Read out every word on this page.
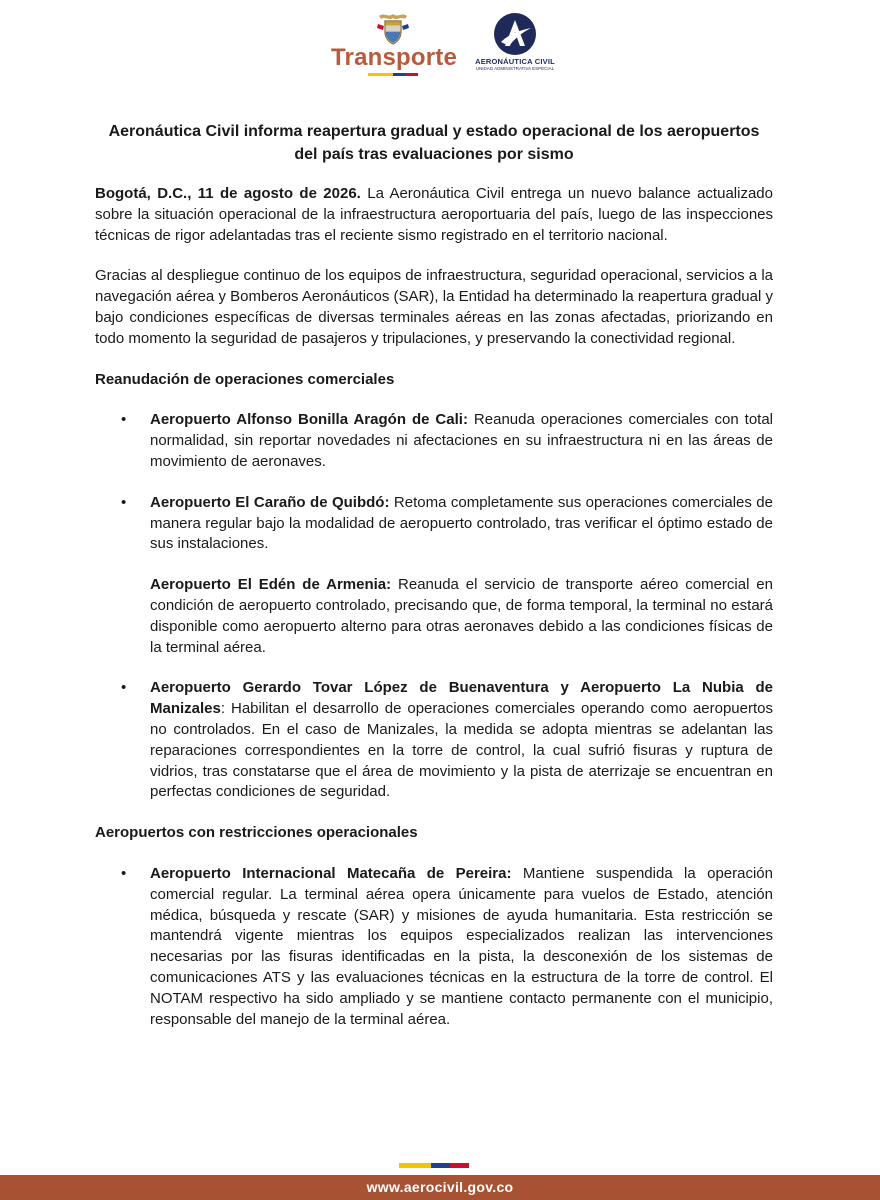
Transporte	AERONÁUTICA CIVIL
UNIDAD ADMINISTRATIVA ESPECIAL
Aeronáutica Civil informa reapertura gradual y estado operacional de los aeropuertos del país tras evaluaciones por sismo

Bogotá, D.C., 11 de agosto de 2026. La Aeronáutica Civil entrega un nuevo balance actualizado sobre la situación operacional de la infraestructura aeroportuaria del país, luego de las inspecciones técnicas de rigor adelantadas tras el reciente sismo registrado en el territorio nacional.

Gracias al despliegue continuo de los equipos de infraestructura, seguridad operacional, servicios a la navegación aérea y Bomberos Aeronáuticos (SAR), la Entidad ha determinado la reapertura gradual y bajo condiciones específicas de diversas terminales aéreas en las zonas afectadas, priorizando en todo momento la seguridad de pasajeros y tripulaciones, y preservando la conectividad regional.

Reanudación de operaciones comerciales
• Aeropuerto Alfonso Bonilla Aragón de Cali: Reanuda operaciones comerciales con total normalidad, sin reportar novedades ni afectaciones en su infraestructura ni en las áreas de movimiento de aeronaves.
• Aeropuerto El Caraño de Quibdó: Retoma completamente sus operaciones comerciales de manera regular bajo la modalidad de aeropuerto controlado, tras verificar el óptimo estado de sus instalaciones.
Aeropuerto El Edén de Armenia: Reanuda el servicio de transporte aéreo comercial en condición de aeropuerto controlado, precisando que, de forma temporal, la terminal no estará disponible como aeropuerto alterno para otras aeronaves debido a las condiciones físicas de la terminal aérea.
• Aeropuerto Gerardo Tovar López de Buenaventura y Aeropuerto La Nubia de Manizales: Habilitan el desarrollo de operaciones comerciales operando como aeropuertos no controlados. En el caso de Manizales, la medida se adopta mientras se adelantan las reparaciones correspondientes en la torre de control, la cual sufrió fisuras y ruptura de vidrios, tras constatarse que el área de movimiento y la pista de aterrizaje se encuentran en perfectas condiciones de seguridad.
Aeropuertos con restricciones operacionales
• Aeropuerto Internacional Matecaña de Pereira: Mantiene suspendida la operación comercial regular. La terminal aérea opera únicamente para vuelos de Estado, atención médica, búsqueda y rescate (SAR) y misiones de ayuda humanitaria. Esta restricción se mantendrá vigente mientras los equipos especializados realizan las intervenciones necesarias por las fisuras identificadas en la pista, la desconexión de los sistemas de comunicaciones ATS y las evaluaciones técnicas en la estructura de la torre de control. El NOTAM respectivo ha sido ampliado y se mantiene contacto permanente con el municipio, responsable del manejo de la terminal aérea.
www.aerocivil.gov.co
